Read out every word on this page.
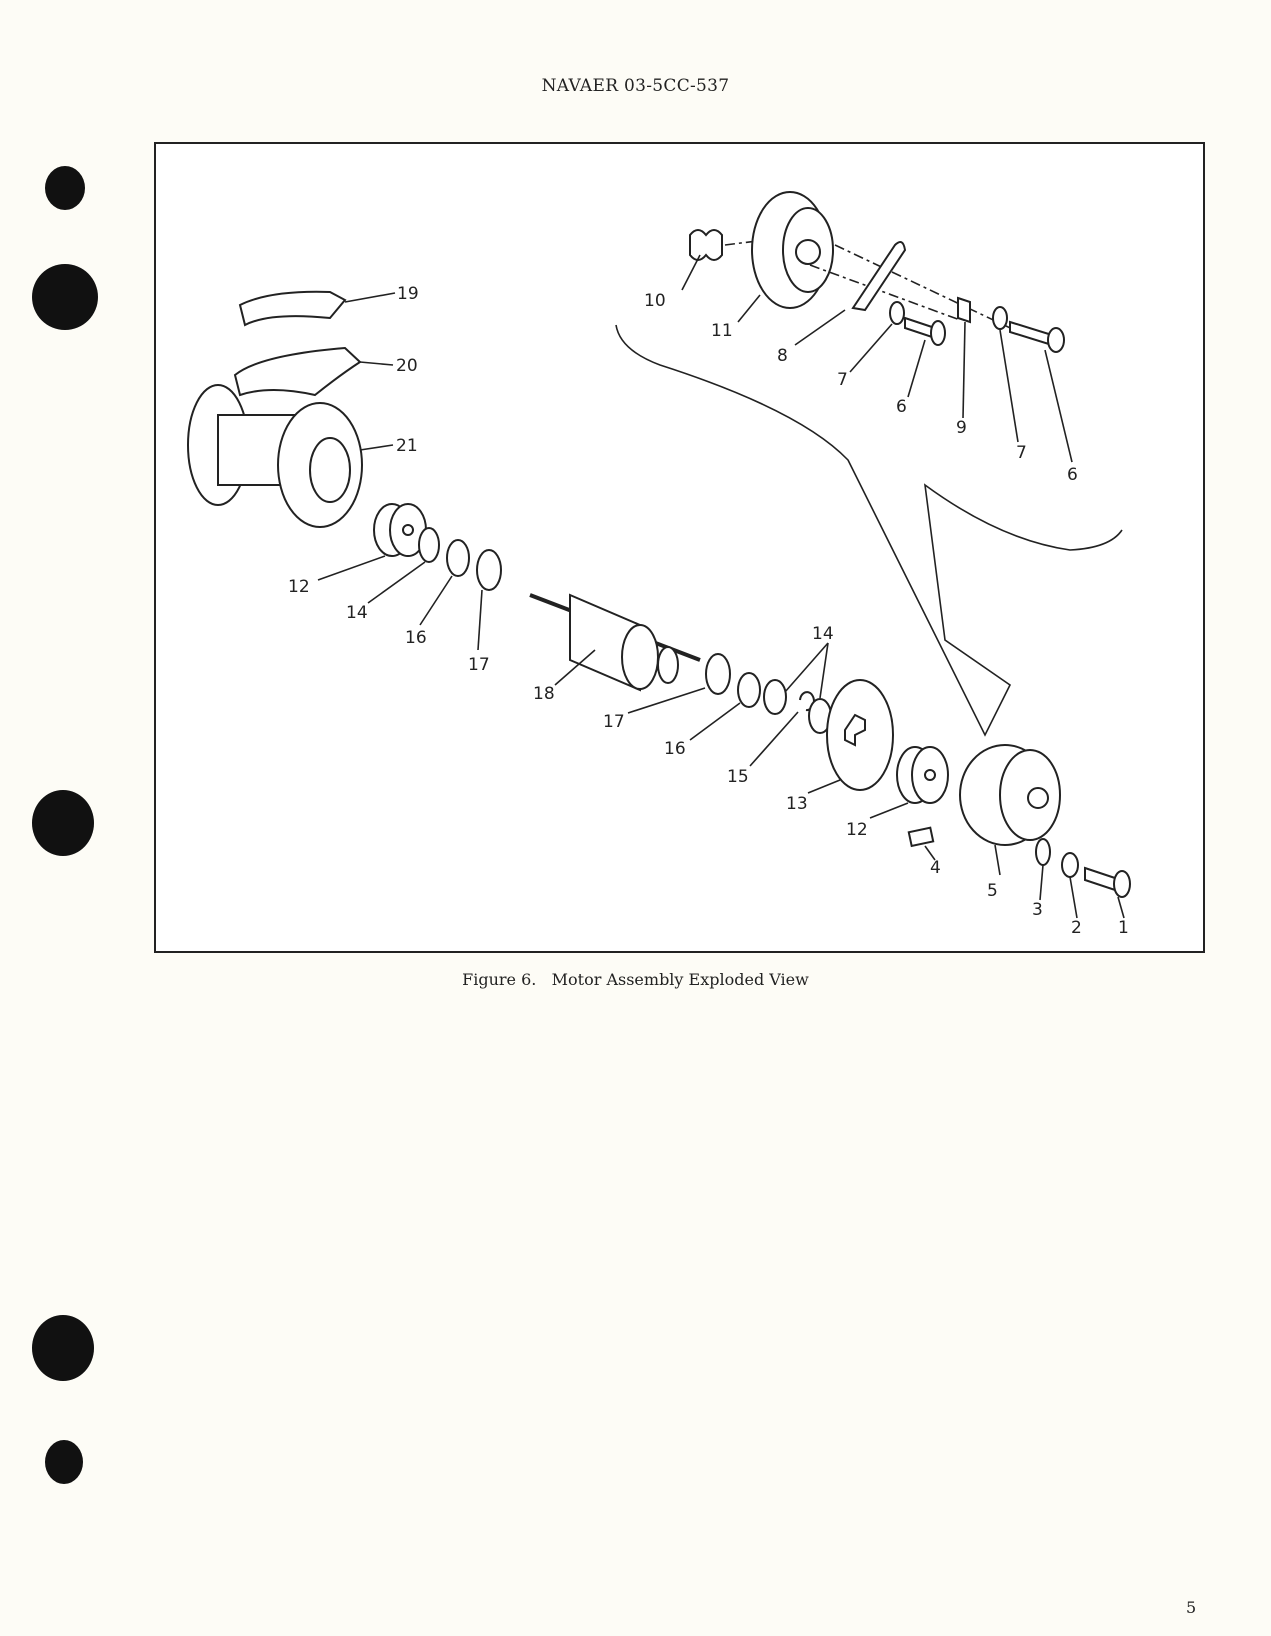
NAVAER 03-5CC-537
19
20
21
12
14
16
17
18
17
16
15
13
12
14
4
5
3
2 1
10
11
8
7
6
9
7
6
Figure 6.   Motor Assembly Exploded View
5
